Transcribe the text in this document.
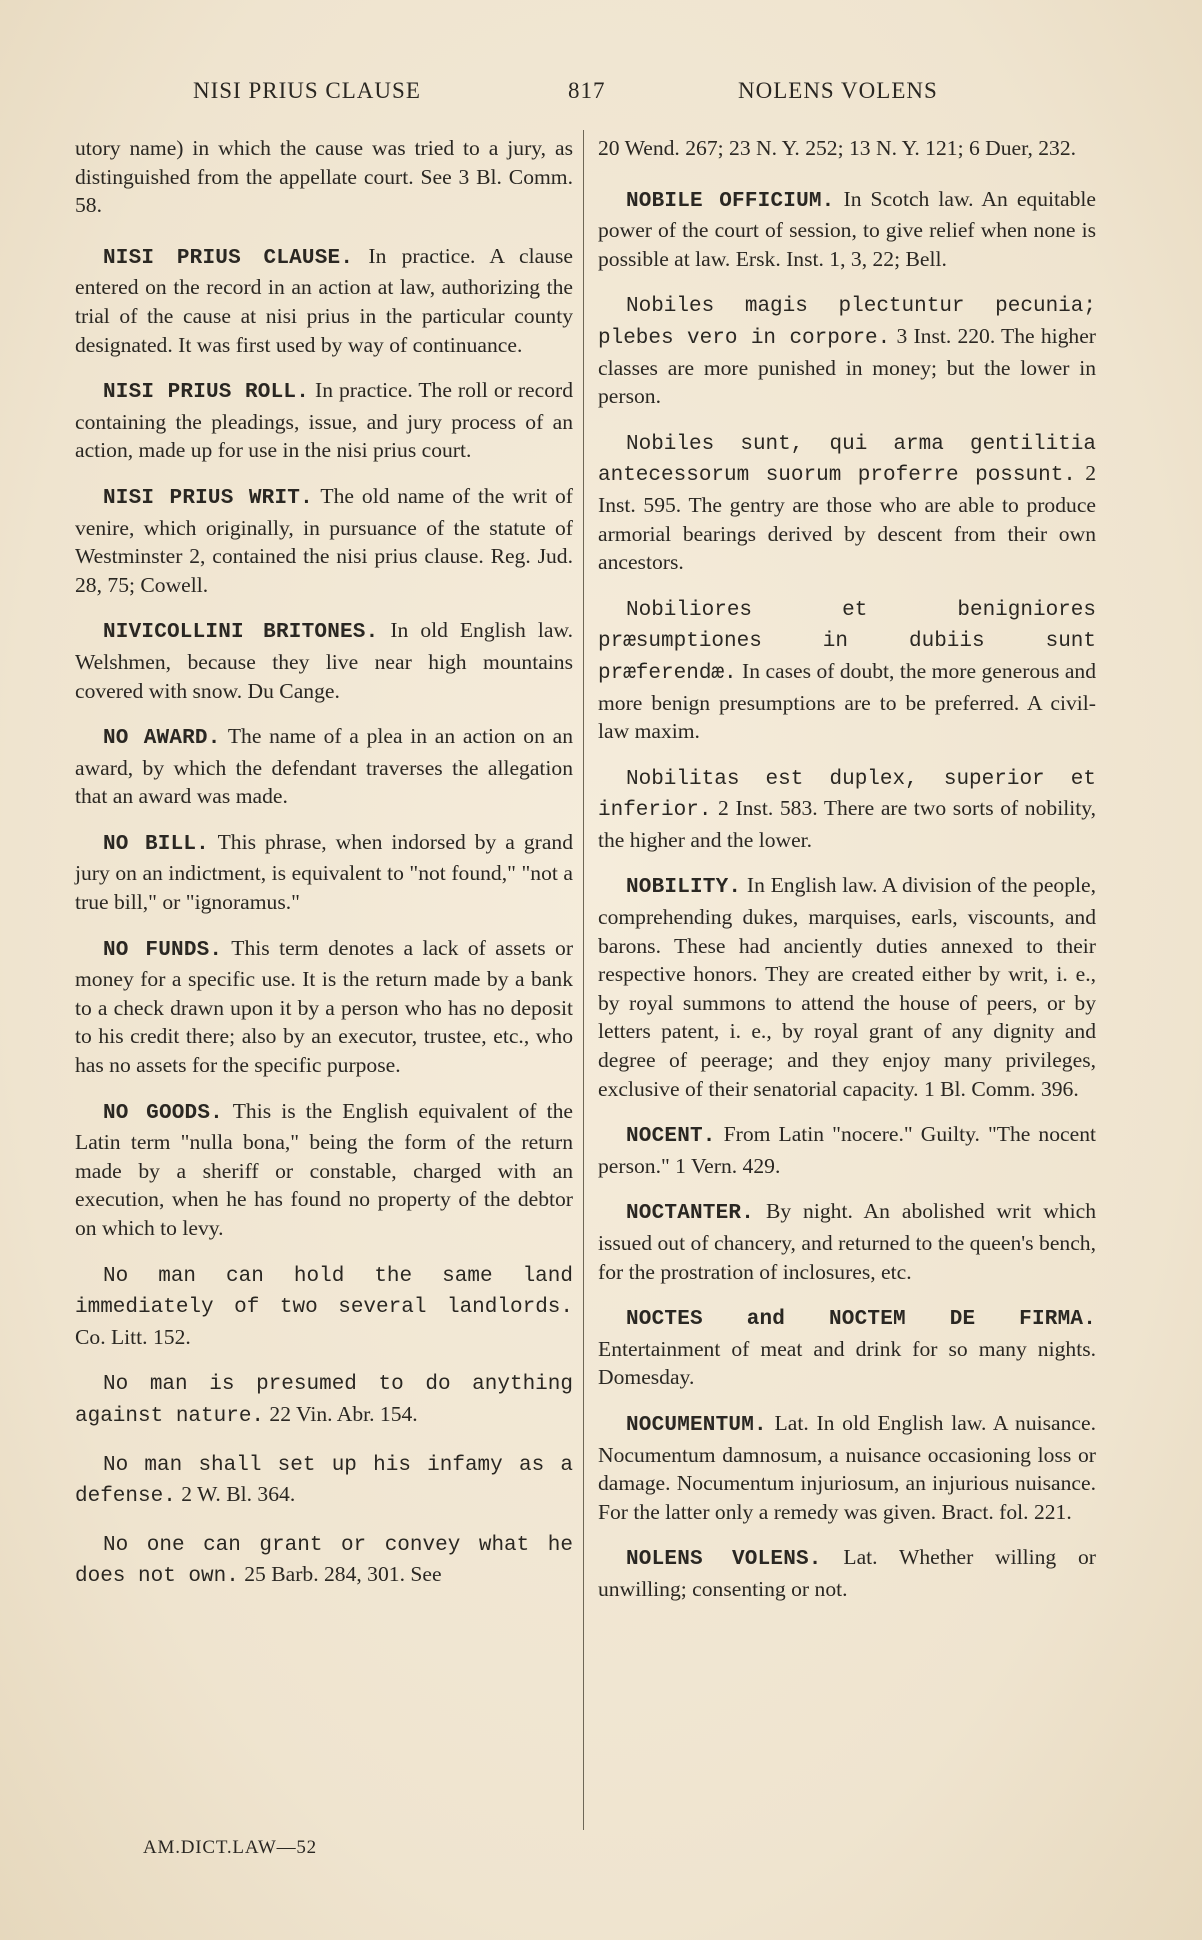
NISI PRIUS CLAUSE	817	NOLENS VOLENS

utory name) in which the cause was tried to a jury, as distinguished from the appellate court. See 3 Bl. Comm. 58.

NISI PRIUS CLAUSE. In practice. A clause entered on the record in an action at law, authorizing the trial of the cause at nisi prius in the particular county designated. It was first used by way of continuance.

NISI PRIUS ROLL. In practice. The roll or record containing the pleadings, issue, and jury process of an action, made up for use in the nisi prius court.

NISI PRIUS WRIT. The old name of the writ of venire, which originally, in pursuance of the statute of Westminster 2, contained the nisi prius clause. Reg. Jud. 28, 75; Cowell.

NIVICOLLINI BRITONES. In old English law. Welshmen, because they live near high mountains covered with snow. Du Cange.

NO AWARD. The name of a plea in an action on an award, by which the defendant traverses the allegation that an award was made.

NO BILL. This phrase, when indorsed by a grand jury on an indictment, is equivalent to "not found," "not a true bill," or "ignoramus."

NO FUNDS. This term denotes a lack of assets or money for a specific use. It is the return made by a bank to a check drawn upon it by a person who has no deposit to his credit there; also by an executor, trustee, etc., who has no assets for the specific purpose.

NO GOODS. This is the English equivalent of the Latin term "nulla bona," being the form of the return made by a sheriff or constable, charged with an execution, when he has found no property of the debtor on which to levy.

No man can hold the same land immediately of two several landlords. Co. Litt. 152.

No man is presumed to do anything against nature. 22 Vin. Abr. 154.

No man shall set up his infamy as a defense. 2 W. Bl. 364.

No one can grant or convey what he does not own. 25 Barb. 284, 301. See

20 Wend. 267; 23 N. Y. 252; 13 N. Y. 121; 6 Duer, 232.

NOBILE OFFICIUM. In Scotch law. An equitable power of the court of session, to give relief when none is possible at law. Ersk. Inst. 1, 3, 22; Bell.

Nobiles magis plectuntur pecunia; plebes vero in corpore. 3 Inst. 220. The higher classes are more punished in money; but the lower in person.

Nobiles sunt, qui arma gentilitia antecessorum suorum proferre possunt. 2 Inst. 595. The gentry are those who are able to produce armorial bearings derived by descent from their own ancestors.

Nobiliores et benigniores præsumptiones in dubiis sunt præferendæ. In cases of doubt, the more generous and more benign presumptions are to be preferred. A civil-law maxim.

Nobilitas est duplex, superior et inferior. 2 Inst. 583. There are two sorts of nobility, the higher and the lower.

NOBILITY. In English law. A division of the people, comprehending dukes, marquises, earls, viscounts, and barons. These had anciently duties annexed to their respective honors. They are created either by writ, i. e., by royal summons to attend the house of peers, or by letters patent, i. e., by royal grant of any dignity and degree of peerage; and they enjoy many privileges, exclusive of their senatorial capacity. 1 Bl. Comm. 396.

NOCENT. From Latin "nocere." Guilty. "The nocent person." 1 Vern. 429.

NOCTANTER. By night. An abolished writ which issued out of chancery, and returned to the queen's bench, for the prostration of inclosures, etc.

NOCTES and NOCTEM DE FIRMA. Entertainment of meat and drink for so many nights. Domesday.

NOCUMENTUM. Lat. In old English law. A nuisance. Nocumentum damnosum, a nuisance occasioning loss or damage. Nocumentum injuriosum, an injurious nuisance. For the latter only a remedy was given. Bract. fol. 221.

NOLENS VOLENS. Lat. Whether willing or unwilling; consenting or not.

AM.DICT.LAW—52
